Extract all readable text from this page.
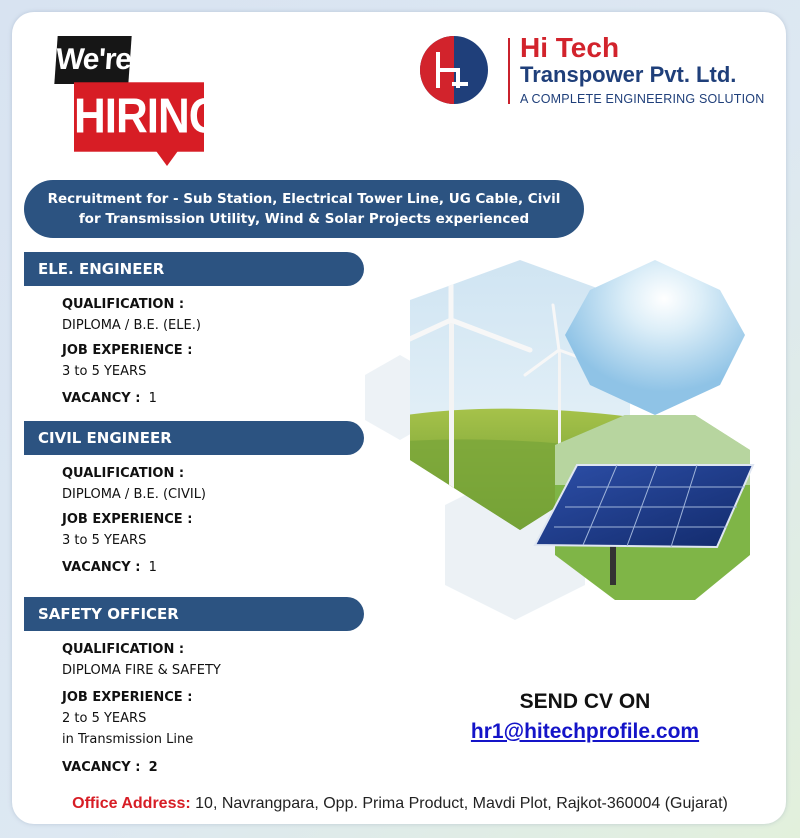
We're
HIRING
Hi Tech
Transpower Pvt. Ltd.
A COMPLETE ENGINEERING SOLUTION
Recruitment for - Sub Station, Electrical Tower Line, UG Cable, Civil for Transmission Utility, Wind & Solar Projects experienced
ELE. ENGINEER
QUALIFICATION :
DIPLOMA / B.E. (ELE.)
JOB EXPERIENCE :
3 to 5 YEARS
VACANCY : 1
CIVIL ENGINEER
QUALIFICATION :
DIPLOMA / B.E. (CIVIL)
JOB EXPERIENCE :
3 to 5 YEARS
VACANCY : 1
SAFETY OFFICER
QUALIFICATION :
DIPLOMA FIRE & SAFETY
JOB EXPERIENCE :
2 to 5 YEARS
in Transmission Line
VACANCY : 2
SEND CV ON
hr1@hitechprofile.com
Office Address: 10, Navrangpara, Opp. Prima Product, Mavdi Plot, Rajkot-360004 (Gujarat)
